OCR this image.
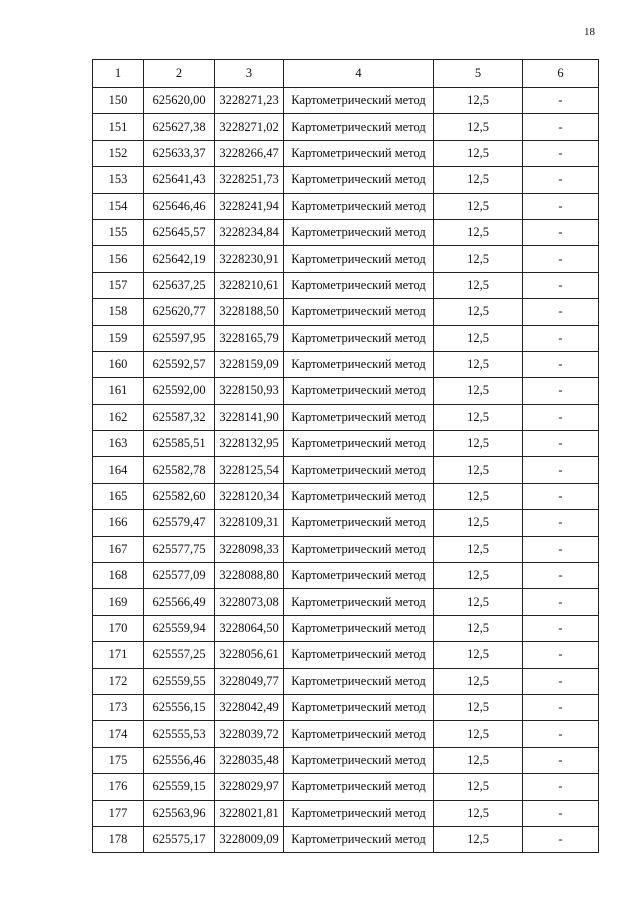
18
1	2	3	4	5	6
150	625620,00	3228271,23	Картометрический метод	12,5	-
151	625627,38	3228271,02	Картометрический метод	12,5	-
152	625633,37	3228266,47	Картометрический метод	12,5	-
153	625641,43	3228251,73	Картометрический метод	12,5	-
154	625646,46	3228241,94	Картометрический метод	12,5	-
155	625645,57	3228234,84	Картометрический метод	12,5	-
156	625642,19	3228230,91	Картометрический метод	12,5	-
157	625637,25	3228210,61	Картометрический метод	12,5	-
158	625620,77	3228188,50	Картометрический метод	12,5	-
159	625597,95	3228165,79	Картометрический метод	12,5	-
160	625592,57	3228159,09	Картометрический метод	12,5	-
161	625592,00	3228150,93	Картометрический метод	12,5	-
162	625587,32	3228141,90	Картометрический метод	12,5	-
163	625585,51	3228132,95	Картометрический метод	12,5	-
164	625582,78	3228125,54	Картометрический метод	12,5	-
165	625582,60	3228120,34	Картометрический метод	12,5	-
166	625579,47	3228109,31	Картометрический метод	12,5	-
167	625577,75	3228098,33	Картометрический метод	12,5	-
168	625577,09	3228088,80	Картометрический метод	12,5	-
169	625566,49	3228073,08	Картометрический метод	12,5	-
170	625559,94	3228064,50	Картометрический метод	12,5	-
171	625557,25	3228056,61	Картометрический метод	12,5	-
172	625559,55	3228049,77	Картометрический метод	12,5	-
173	625556,15	3228042,49	Картометрический метод	12,5	-
174	625555,53	3228039,72	Картометрический метод	12,5	-
175	625556,46	3228035,48	Картометрический метод	12,5	-
176	625559,15	3228029,97	Картометрический метод	12,5	-
177	625563,96	3228021,81	Картометрический метод	12,5	-
178	625575,17	3228009,09	Картометрический метод	12,5	-
